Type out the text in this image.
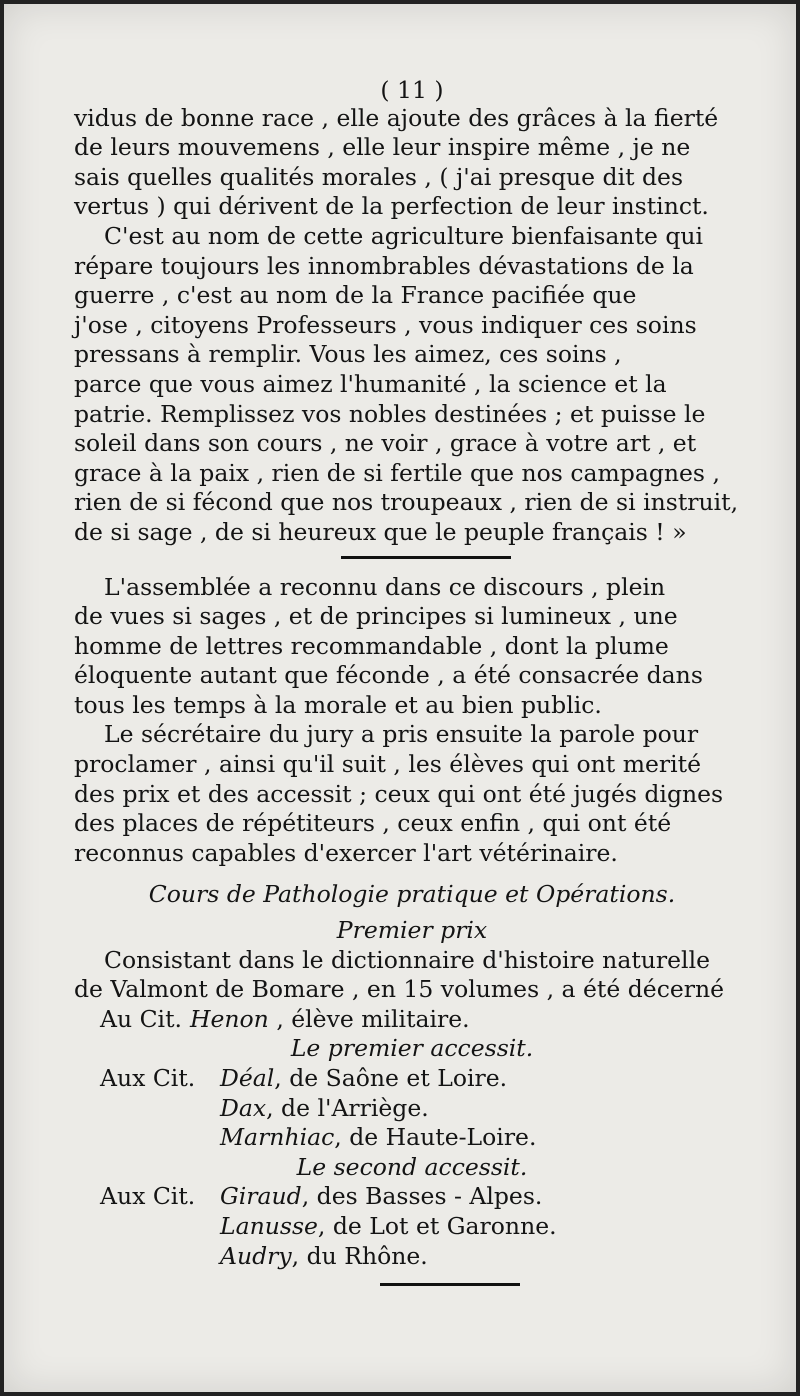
( 11 )

vidus de bonne race , elle ajoute des grâces à la fierté
de leurs mouvemens , elle leur inspire même , je ne
sais quelles qualités morales , ( j'ai presque dit des
vertus ) qui dérivent de la perfection de leur instinct.

C'est au nom de cette agriculture bienfaisante qui
répare toujours les innombrables dévastations de la
guerre , c'est au nom de la France pacifiée que
j'ose , citoyens Professeurs , vous indiquer ces soins
pressans à remplir. Vous les aimez, ces soins ,
parce que vous aimez l'humanité , la science et la
patrie. Remplissez vos nobles destinées ; et puisse le
soleil dans son cours , ne voir , grace à votre art , et
grace à la paix , rien de si fertile que nos campagnes ,
rien de si fécond que nos troupeaux , rien de si instruit,
de si sage , de si heureux que le peuple français ! »

L'assemblée a reconnu dans ce discours , plein
de vues si sages , et de principes si lumineux , une
homme de lettres recommandable , dont la plume
éloquente autant que féconde , a été consacrée dans
tous les temps à la morale et au bien public.

Le sécrétaire du jury a pris ensuite la parole pour
proclamer , ainsi qu'il suit , les élèves qui ont merité
des prix et des accessit ; ceux qui ont été jugés dignes
des places de répétiteurs , ceux enfin , qui ont été
reconnus capables d'exercer l'art vétérinaire.

Cours de Pathologie pratique et Opérations.
Premier prix

Consistant dans le dictionnaire d'histoire naturelle
de Valmont de Bomare , en 15 volumes , a été décerné

Au Cit. Henon , élève militaire.
Le premier accessit.
Aux Cit.	Déal, de Saône et Loire.
Dax, de l'Arriège.
Marnhiac, de Haute-Loire.
Le second accessit.
Aux Cit.	Giraud, des Basses - Alpes.
Lanusse, de Lot et Garonne.
Audry, du Rhône.
